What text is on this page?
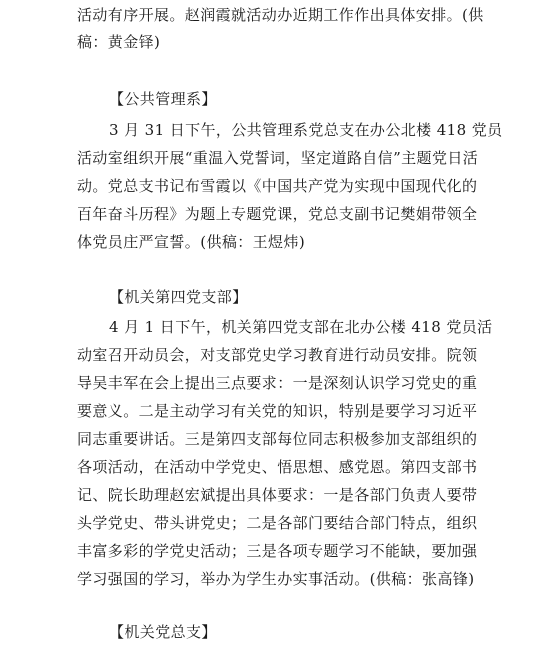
活动有序开展。赵润霞就活动办近期工作作出具体安排。(供
稿：黄金铎)
【公共管理系】
3 月 31 日下午，公共管理系党总支在办公北楼 418 党员
活动室组织开展“重温入党誓词，坚定道路自信”主题党日活
动。党总支书记布雪霞以《中国共产党为实现中国现代化的
百年奋斗历程》为题上专题党课，党总支副书记樊娟带领全
体党员庄严宣誓。(供稿：王煜炜)
【机关第四党支部】
4 月 1 日下午，机关第四党支部在北办公楼 418 党员活
动室召开动员会，对支部党史学习教育进行动员安排。院领
导吴丰军在会上提出三点要求：一是深刻认识学习党史的重
要意义。二是主动学习有关党的知识，特别是要学习习近平
同志重要讲话。三是第四支部每位同志积极参加支部组织的
各项活动，在活动中学党史、悟思想、感党恩。第四支部书
记、院长助理赵宏斌提出具体要求：一是各部门负责人要带
头学党史、带头讲党史；二是各部门要结合部门特点，组织
丰富多彩的学党史活动；三是各项专题学习不能缺，要加强
学习强国的学习，举办为学生办实事活动。(供稿：张高锋)
【机关党总支】
